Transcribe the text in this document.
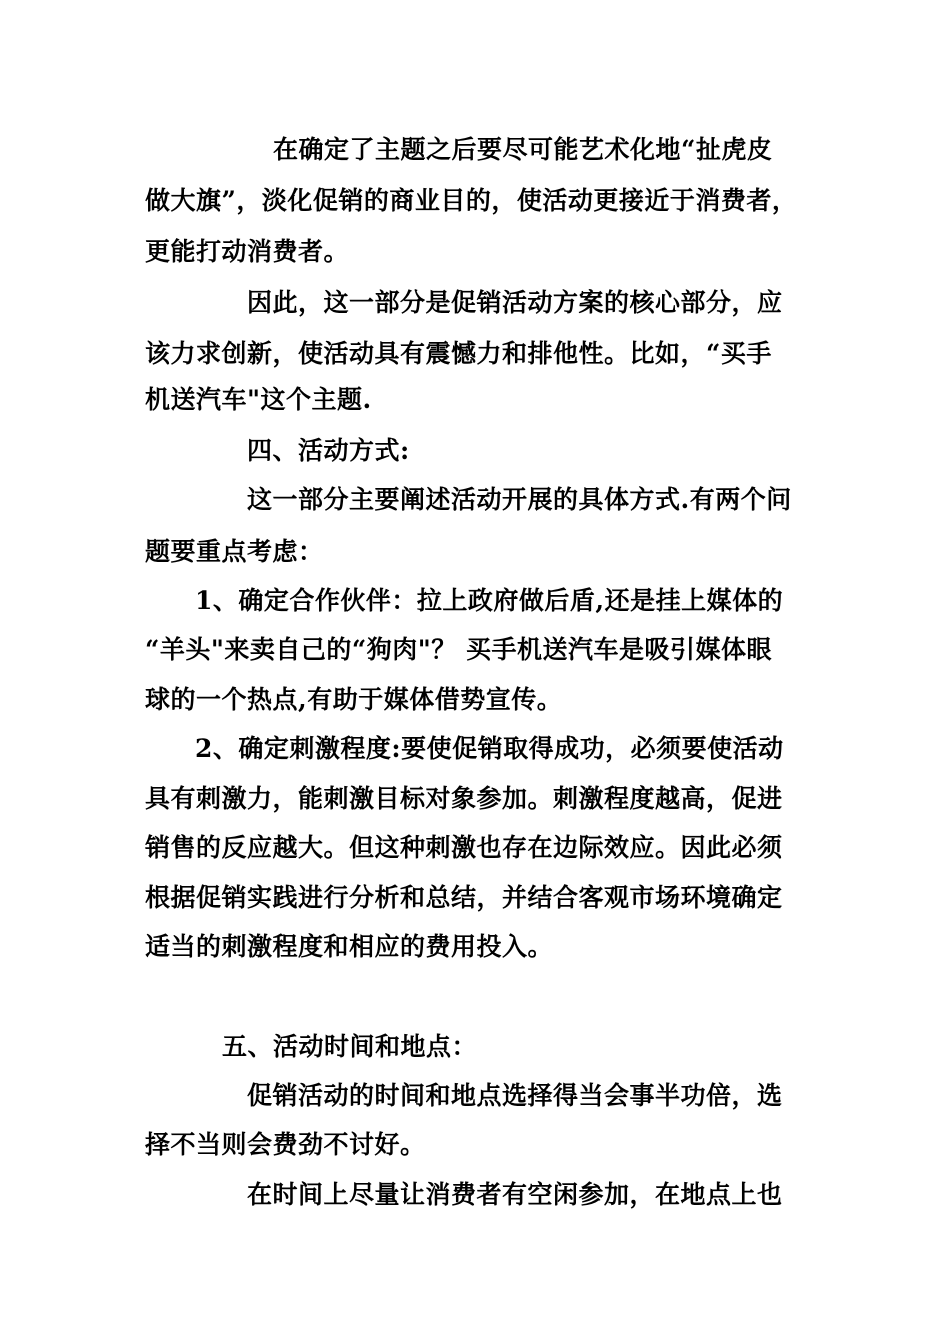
在确定了主题之后要尽可能艺术化地“扯虎皮
做大旗”，淡化促销的商业目的，使活动更接近于消费者，
更能打动消费者。
因此，这一部分是促销活动方案的核心部分，应
该力求创新，使活动具有震憾力和排他性。比如，“买手
机送汽车"这个主题.
四、活动方式:
这一部分主要阐述活动开展的具体方式.有两个问
题要重点考虑：
1、确定合作伙伴：拉上政府做后盾,还是挂上媒体的
“羊头"来卖自己的“狗肉"？ 买手机送汽车是吸引媒体眼
球的一个热点,有助于媒体借势宣传。
2、确定刺激程度:要使促销取得成功，必须要使活动
具有刺激力，能刺激目标对象参加。刺激程度越高，促进
销售的反应越大。但这种刺激也存在边际效应。因此必须
根据促销实践进行分析和总结，并结合客观市场环境确定
适当的刺激程度和相应的费用投入。
五、活动时间和地点：
促销活动的时间和地点选择得当会事半功倍，选
择不当则会费劲不讨好。
在时间上尽量让消费者有空闲参加，在地点上也
